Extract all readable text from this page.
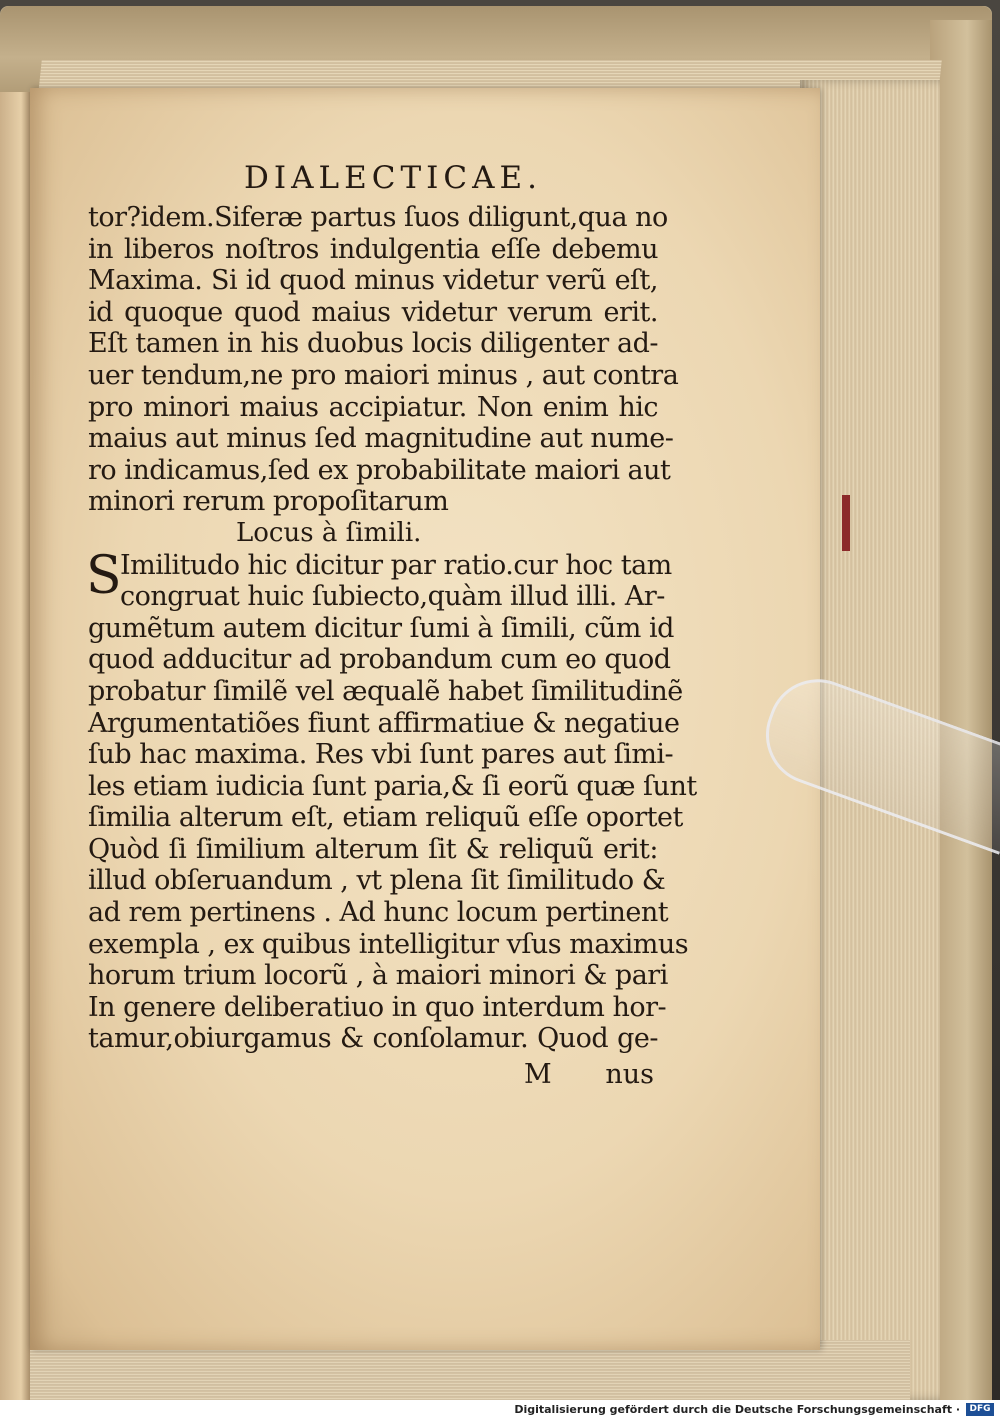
DIALECTICAE.
tor?idem.Siferæ partus ſuos diligunt,qua no
in liberos noſtros indulgentia eſſe debemu
Maxima. Si id quod minus videtur verũ eſt,
id quoque quod maius videtur verum erit.
Eſt tamen in his duobus locis diligenter ad-
uer tendum,ne pro maiori minus , aut contra
pro minori maius accipiatur. Non enim hic
maius aut minus ſed magnitudine aut nume-
ro indicamus,ſed ex probabilitate maiori aut
minori rerum propoſitarum
Locus à ſimili.
S
Imilitudo hic dicitur par ratio.cur hoc tam
congruat huic ſubiecto,quàm illud illi. Ar-
gumẽtum autem dicitur ſumi à ſimili, cũm id
quod adducitur ad probandum cum eo quod
probatur ſimilẽ vel æqualẽ habet ſimilitudinẽ
Argumentatiões fiunt affirmatiue & negatiue
ſub hac maxima. Res vbi ſunt pares aut ſimi-
les etiam iudicia ſunt paria,& ſi eorũ quæ ſunt
ſimilia alterum eſt, etiam reliquũ eſſe oportet
Quòd ſi ſimilium alterum ſit & reliquũ erit:
illud obſeruandum , vt plena ſit ſimilitudo &
ad rem pertinens . Ad hunc locum pertinent
exempla , ex quibus intelligitur vſus maximus
horum trium locorũ , à maiori minori & pari
In genere deliberatiuo in quo interdum hor-
tamur,obiurgamus & conſolamur. Quod ge-
M nus
Digitalisierung gefördert durch die Deutsche Forschungsgemeinschaft ·	DFG
